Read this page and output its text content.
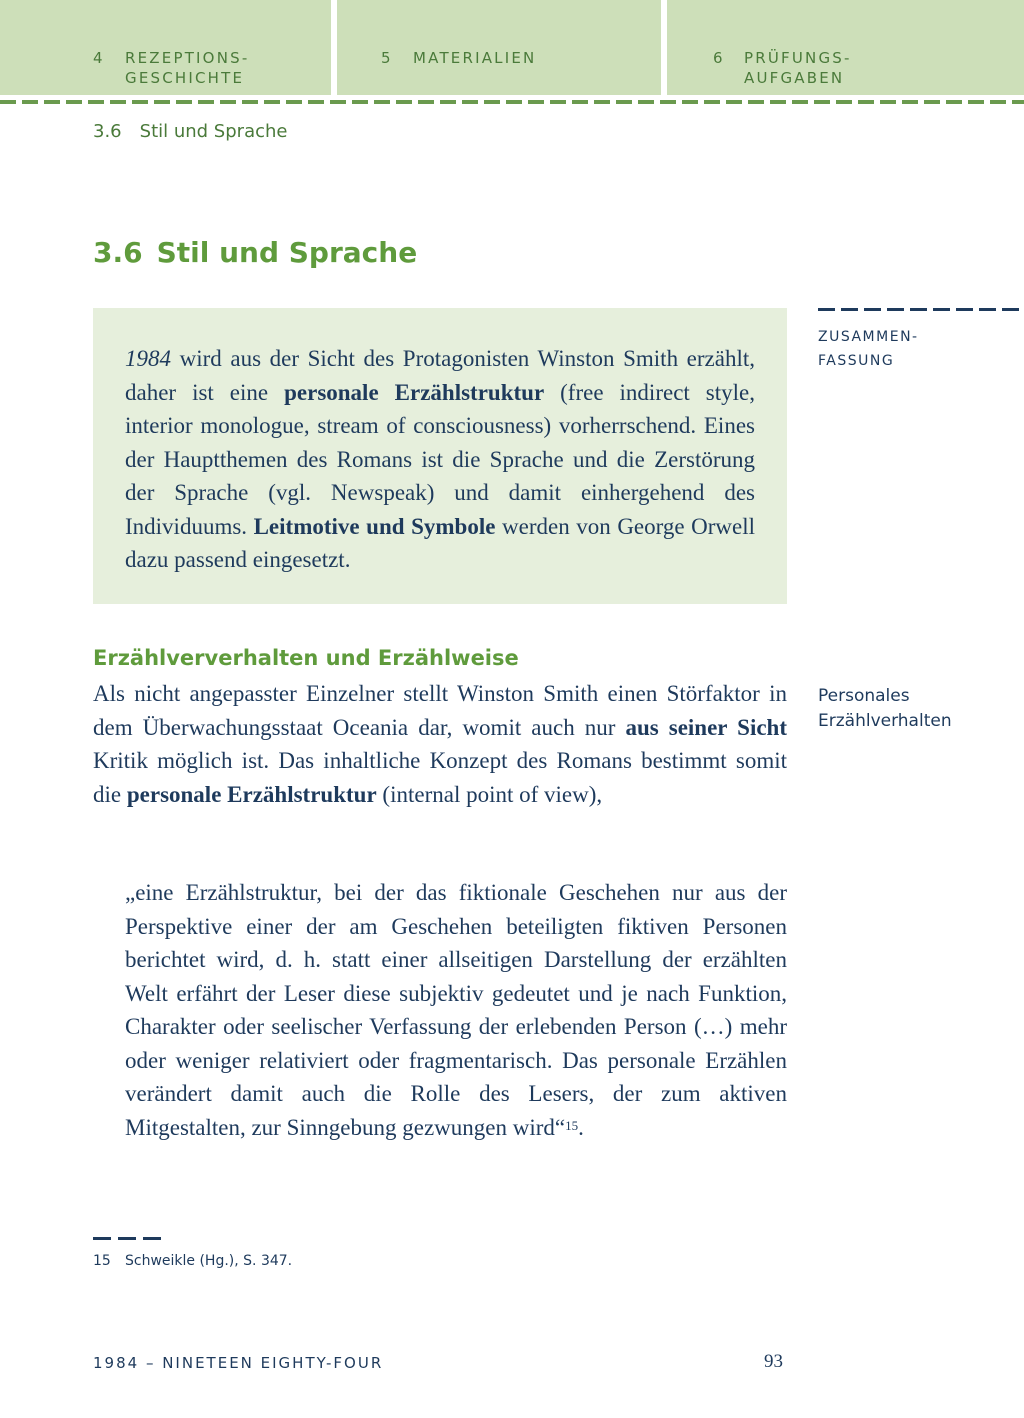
4 REZEPTIONS-
GESCHICHTE
5 MATERIALIEN	6 PRÜFUNGS-
AUFGABEN
3.6 Stil und Sprache
3.6 Stil und Sprache
ZUSAMMEN-
FASSUNG
Personales
Erzählverhalten
1984 wird aus der Sicht des Protagonisten Winston Smith erzählt, daher ist eine personale Erzählstruktur (free indirect style, interior monologue, stream of consciousness) vorherrschend. Eines der Hauptthemen des Romans ist die Sprache und die Zerstörung der Sprache (vgl. Newspeak) und damit einhergehend des Individuums. Leitmotive und Symbole werden von George Orwell dazu passend eingesetzt.
Erzählververhalten und Erzählweise

Als nicht angepasster Einzelner stellt Winston Smith einen Störfaktor in dem Überwachungsstaat Oceania dar, womit auch nur aus seiner Sicht Kritik möglich ist. Das inhaltliche Konzept des Romans bestimmt somit die personale Erzählstruktur (internal point of view),

„eine Erzählstruktur, bei der das fiktionale Geschehen nur aus der Perspektive einer der am Geschehen beteiligten fiktiven Personen berichtet wird, d. h. statt einer allseitigen Darstellung der erzählten Welt erfährt der Leser diese subjektiv gedeutet und je nach Funktion, Charakter oder seelischer Verfassung der erlebenden Person (…) mehr oder weniger relativiert oder fragmentarisch. Das personale Erzählen verändert damit auch die Rolle des Lesers, der zum aktiven Mitgestalten, zur Sinngebung gezwungen wird“$^{15}$.

15 Schweikle (Hg.), S. 347.
1984 – NINETEEN EIGHTY-FOUR	93
